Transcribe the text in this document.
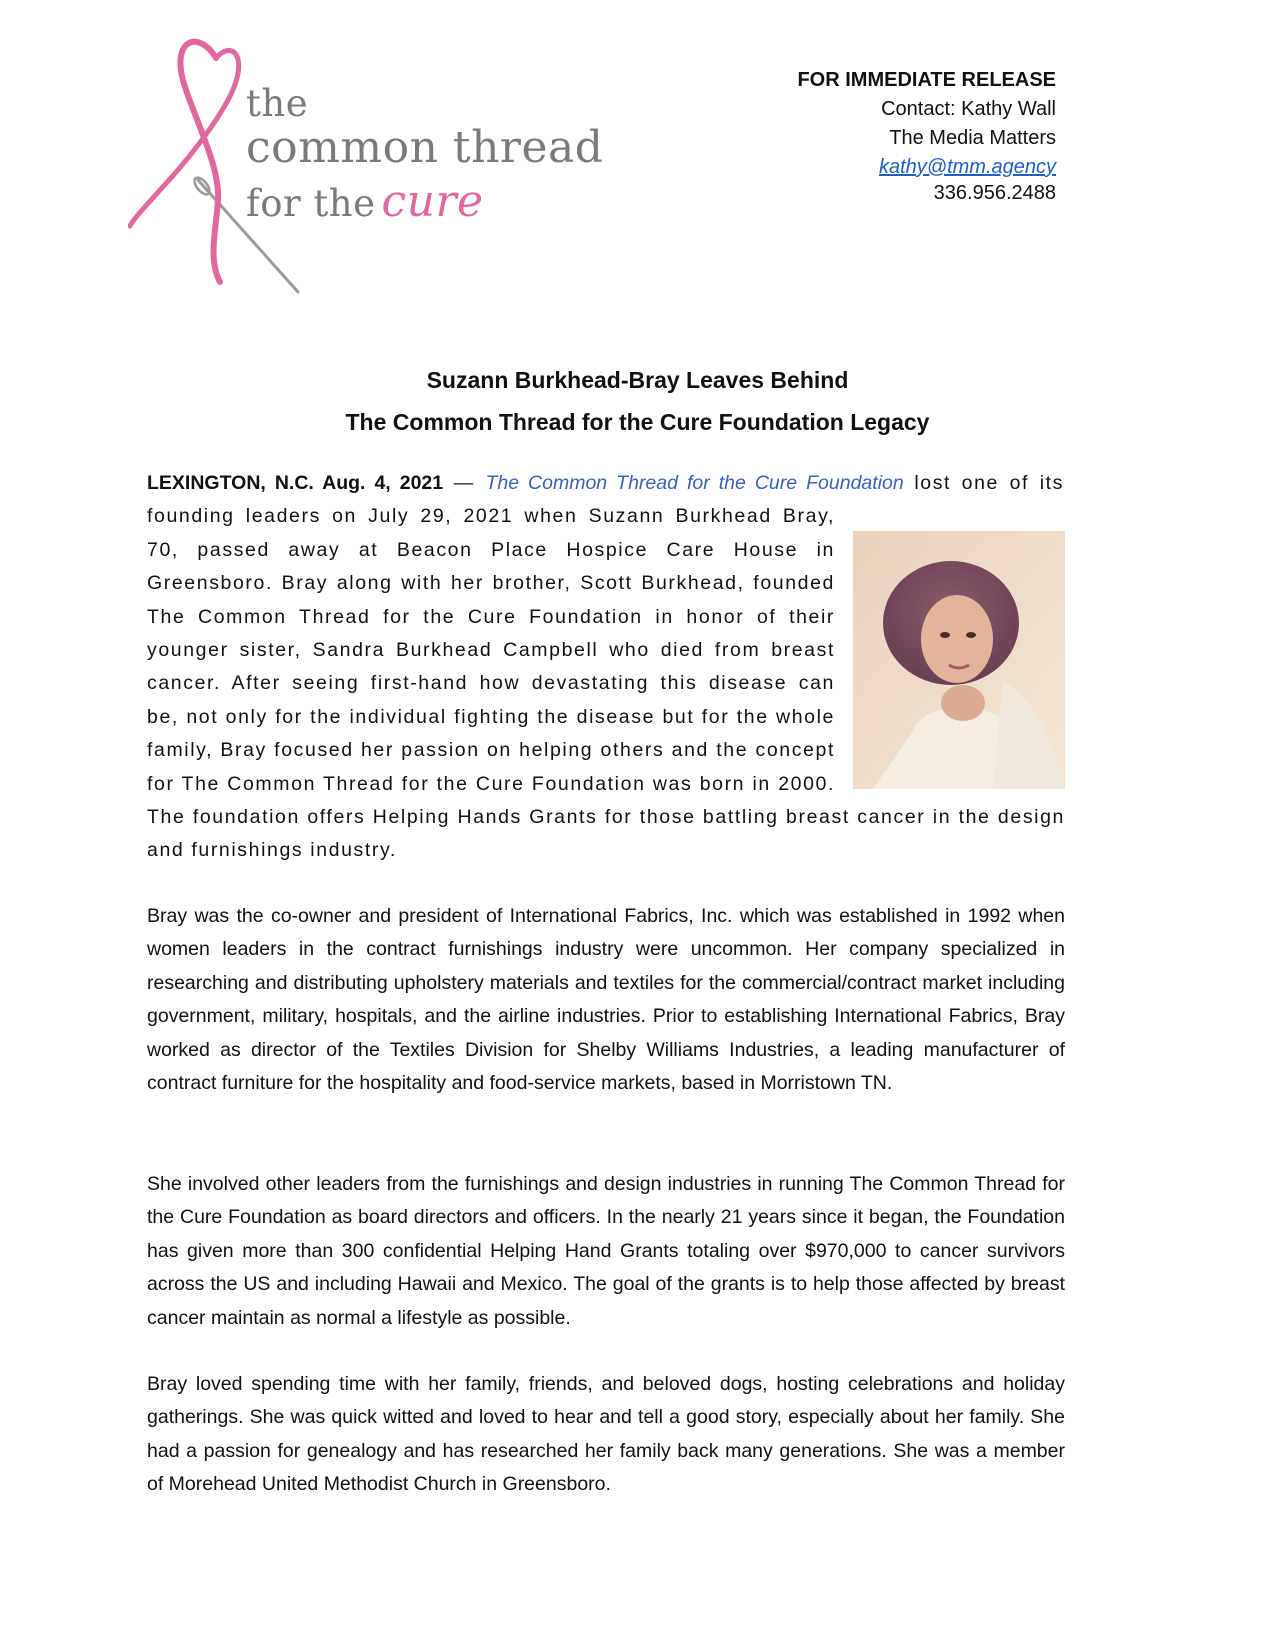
the
common thread
for the cure
FOR IMMEDIATE RELEASE
Contact: Kathy Wall
The Media Matters
kathy@tmm.agency
336.956.2488
Suzann Burkhead-Bray Leaves Behind
The Common Thread for the Cure Foundation Legacy
LEXINGTON, N.C. Aug. 4, 2021 — The Common Thread for the Cure Foundation lost one of its founding leaders on July 29, 2021 when Suzann Burkhead Bray, 70, passed away at Beacon Place Hospice Care House in Greensboro. Bray along with her brother, Scott Burkhead, founded The Common Thread for the Cure Foundation in honor of their younger sister, Sandra Burkhead Campbell who died from breast cancer. After seeing first-hand how devastating this disease can be, not only for the individual fighting the disease but for the whole family, Bray focused her passion on helping others and the concept for The Common Thread for the Cure Foundation was born in 2000. The foundation offers Helping Hands Grants for those battling breast cancer in the design and furnishings industry.
Bray was the co-owner and president of International Fabrics, Inc. which was established in 1992 when women leaders in the contract furnishings industry were uncommon. Her company specialized in researching and distributing upholstery materials and textiles for the commercial/contract market including government, military, hospitals, and the airline industries. Prior to establishing International Fabrics, Bray worked as director of the Textiles Division for Shelby Williams Industries, a leading manufacturer of contract furniture for the hospitality and food-service markets, based in Morristown TN.
She involved other leaders from the furnishings and design industries in running The Common Thread for the Cure Foundation as board directors and officers. In the nearly 21 years since it began, the Foundation has given more than 300 confidential Helping Hand Grants totaling over $970,000 to cancer survivors across the US and including Hawaii and Mexico. The goal of the grants is to help those affected by breast cancer maintain as normal a lifestyle as possible.
Bray loved spending time with her family, friends, and beloved dogs, hosting celebrations and holiday gatherings. She was quick witted and loved to hear and tell a good story, especially about her family. She had a passion for genealogy and has researched her family back many generations. She was a member of Morehead United Methodist Church in Greensboro.
